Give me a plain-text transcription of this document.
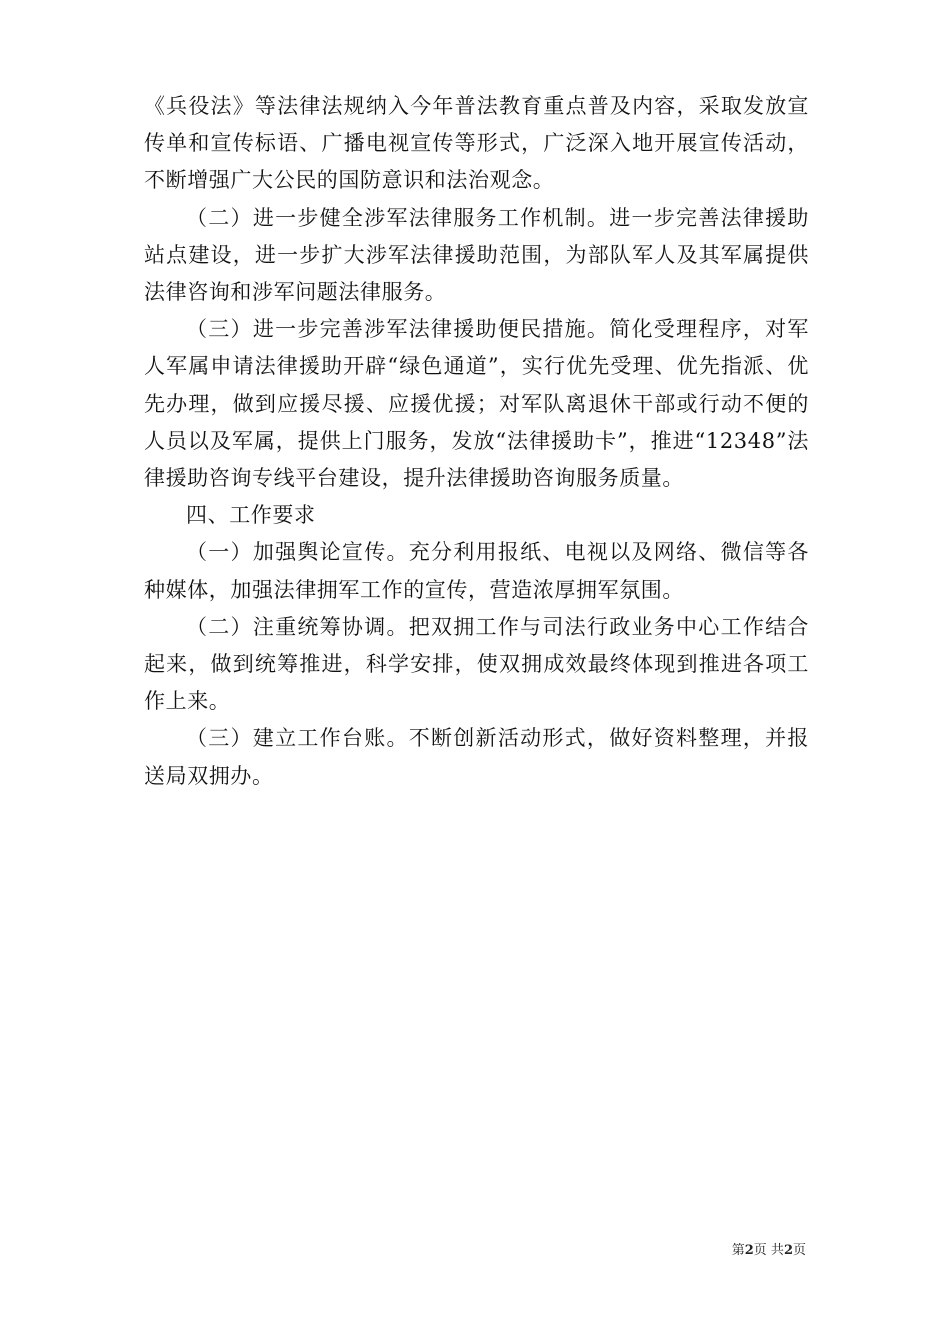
《兵役法》等法律法规纳入今年普法教育重点普及内容，采取发放宣传单和宣传标语、广播电视宣传等形式，广泛深入地开展宣传活动，不断增强广大公民的国防意识和法治观念。

（二）进一步健全涉军法律服务工作机制。进一步完善法律援助站点建设，进一步扩大涉军法律援助范围，为部队军人及其军属提供法律咨询和涉军问题法律服务。

（三）进一步完善涉军法律援助便民措施。简化受理程序，对军人军属申请法律援助开辟“绿色通道”，实行优先受理、优先指派、优先办理，做到应援尽援、应援优援；对军队离退休干部或行动不便的人员以及军属，提供上门服务，发放“法律援助卡”，推进“12348”法律援助咨询专线平台建设，提升法律援助咨询服务质量。

四、工作要求

（一）加强舆论宣传。充分利用报纸、电视以及网络、微信等各种媒体，加强法律拥军工作的宣传，营造浓厚拥军氛围。

（二）注重统筹协调。把双拥工作与司法行政业务中心工作结合起来，做到统筹推进，科学安排，使双拥成效最终体现到推进各项工作上来。

（三）建立工作台账。不断创新活动形式，做好资料整理，并报送局双拥办。

第2页 共2页
